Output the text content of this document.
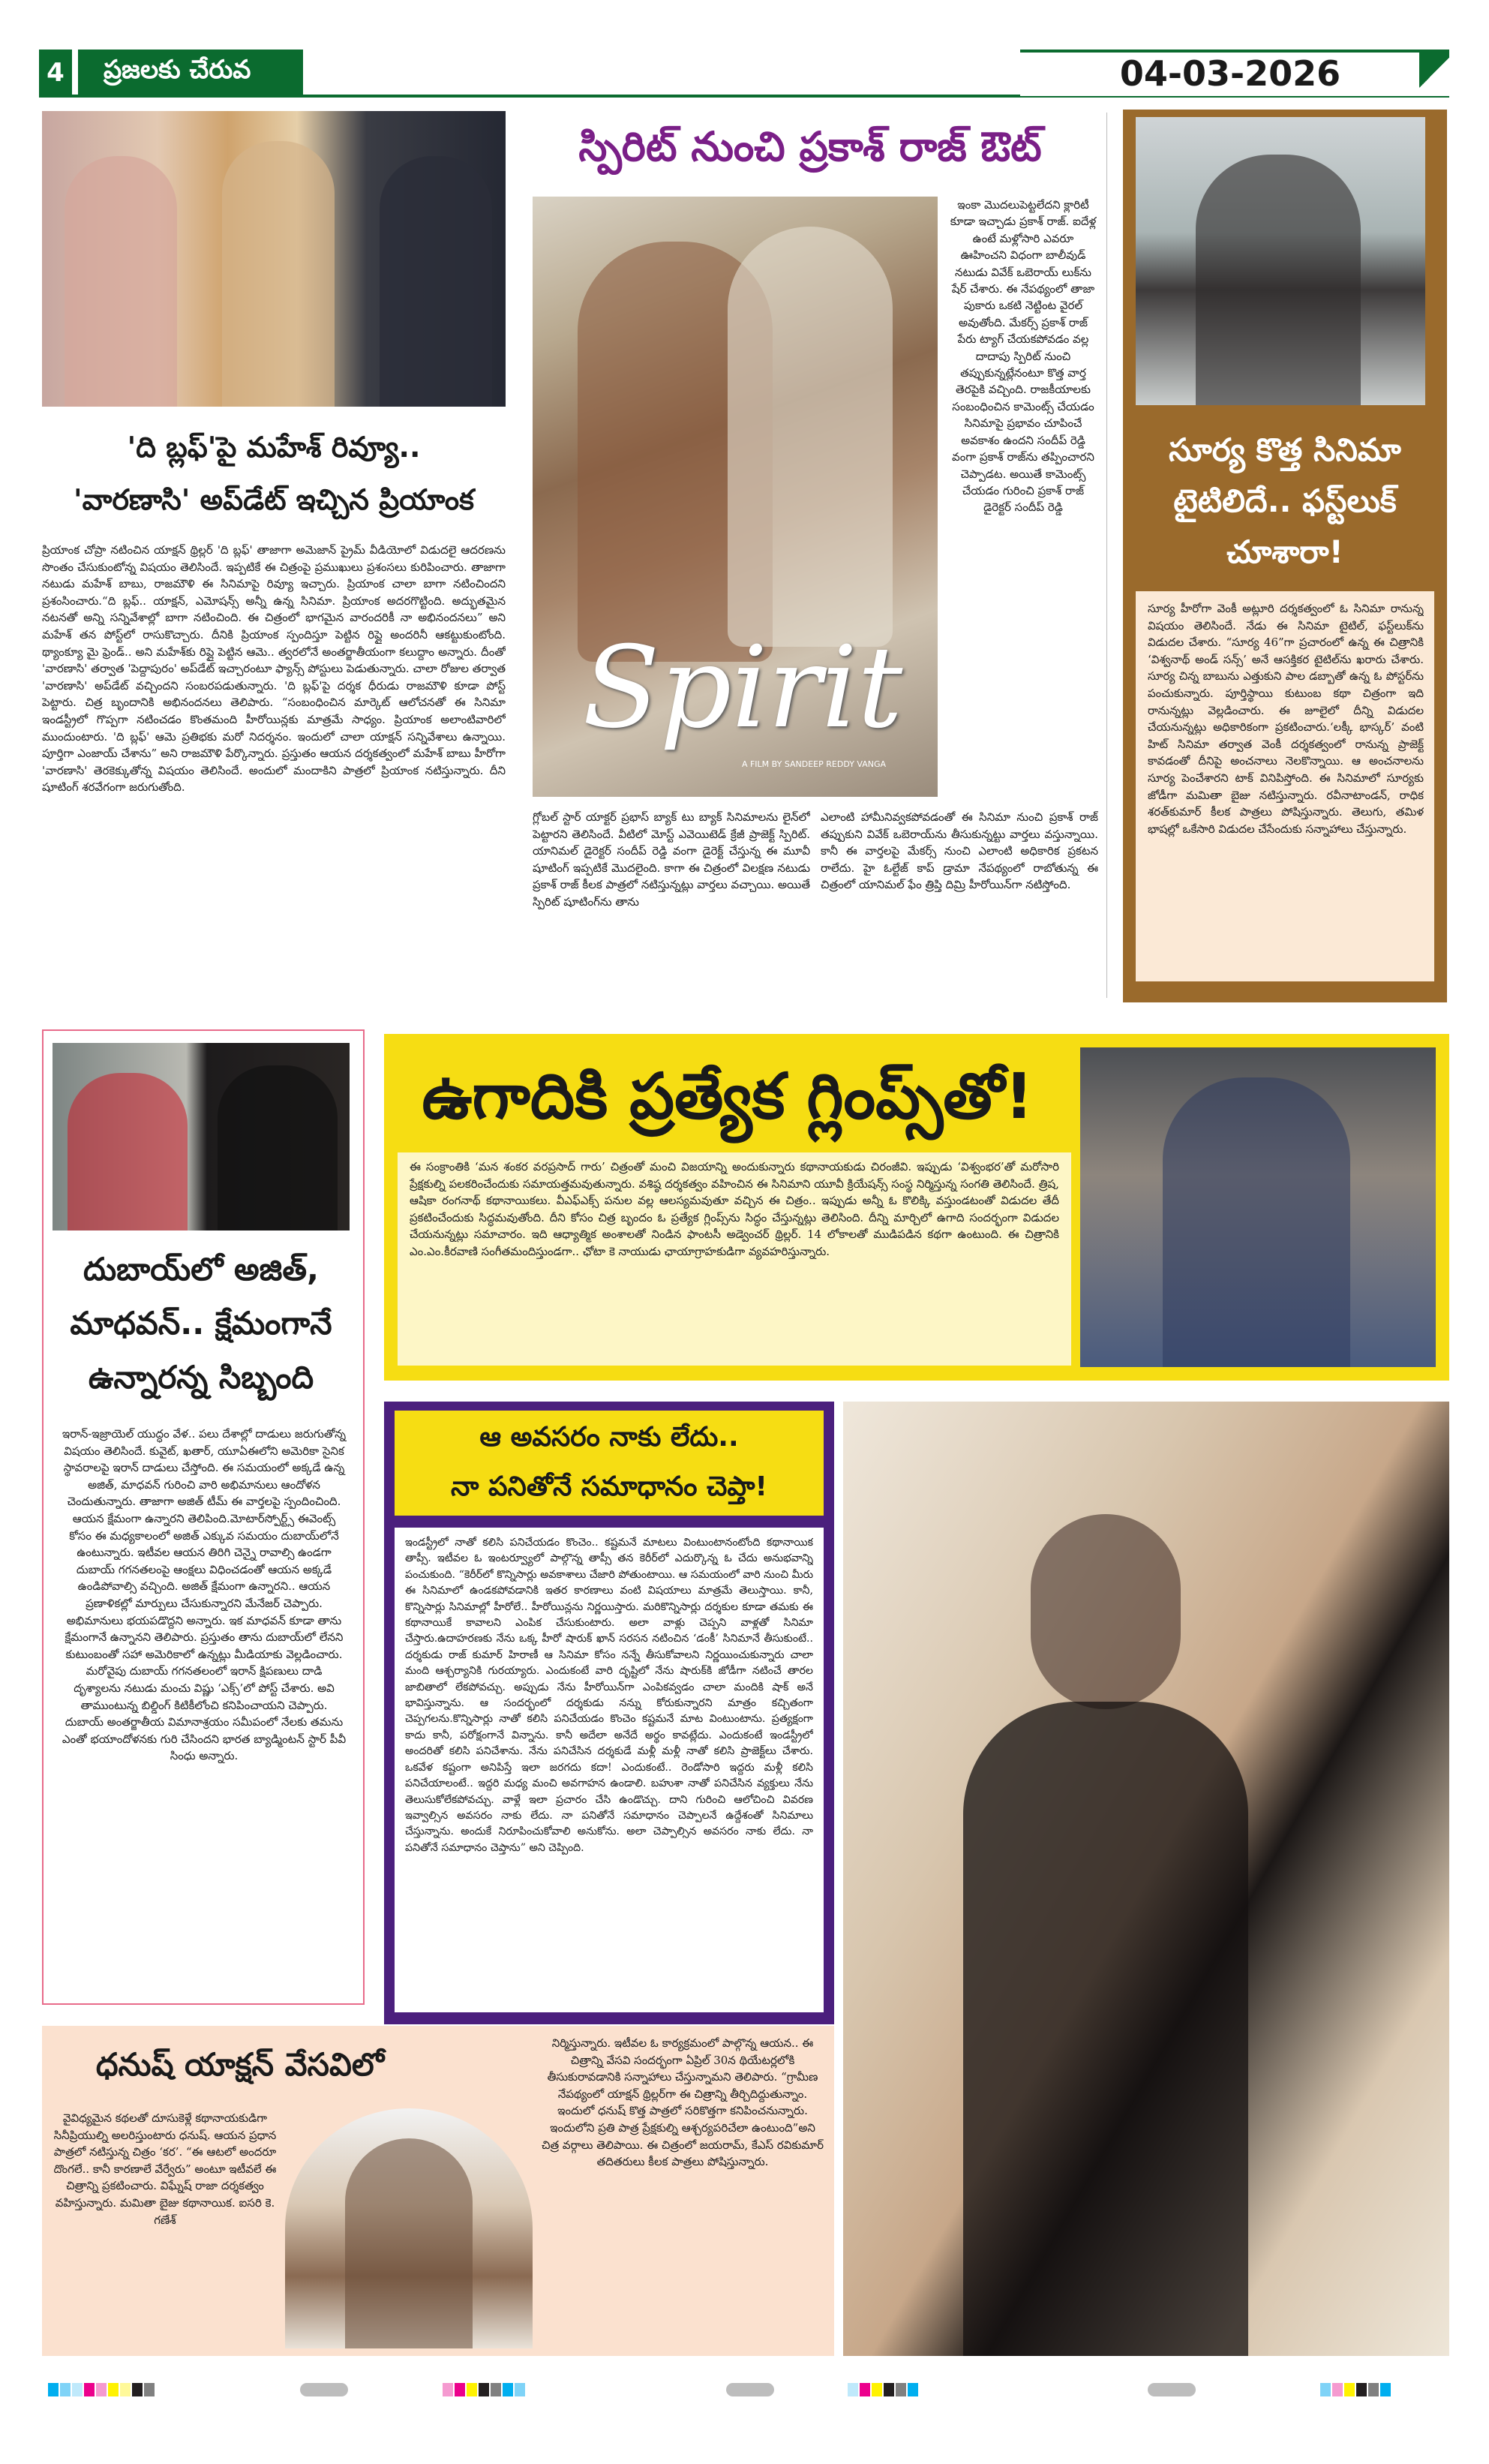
4 ప్రజలకు చేరువ	04-03-2026
'ది బ్లఫ్'పై మహేశ్ రివ్యూ..
'వారణాసి' అప్‌డేట్ ఇచ్చిన ప్రియాంక
ప్రియాంక చోప్రా నటించిన యాక్షన్ థ్రిల్లర్ 'ది బ్లఫ్' తాజాగా అమెజాన్ ప్రైమ్ వీడియోలో విడుదలై ఆదరణను సొంతం చేసుకుంటోన్న విషయం తెలిసిందే. ఇప్పటికే ఈ చిత్రంపై ప్రముఖులు ప్రశంసలు కురిపించారు. తాజాగా నటుడు మహేశ్ బాబు, రాజమౌళి ఈ సినిమాపై రివ్యూ ఇచ్చారు. ప్రియాంక చాలా బాగా నటించిందని ప్రశంసించారు.“ది బ్లఫ్.. యాక్షన్, ఎమోషన్స్ అన్నీ ఉన్న సినిమా. ప్రియాంక అదరగొట్టింది. అద్భుతమైన నటనతో అన్ని సన్నివేశాల్లో బాగా నటించింది. ఈ చిత్రంలో భాగమైన వారందరికీ నా అభినందనలు” అని మహేశ్ తన పోస్ట్‌లో రాసుకొచ్చారు. దీనికి ప్రియాంక స్పందిస్తూ పెట్టిన రిప్లై అందరినీ ఆకట్టుకుంటోంది. థ్యాంక్యూ మై ఫ్రెండ్.. అని మహేశ్‌కు రిప్లై పెట్టిన ఆమె.. త్వరలోనే అంతర్జాతీయంగా కలుద్దాం అన్నారు. దీంతో 'వారణాసి' తర్వాత 'పెద్దాపురం' అప్‌డేట్ ఇచ్చారంటూ ఫ్యాన్స్ పోస్టులు పెడుతున్నారు. చాలా రోజుల తర్వాత 'వారణాసి' అప్‌డేట్ వచ్చిందని సంబరపడుతున్నారు. 'ది బ్లఫ్'పై దర్శక ధీరుడు రాజమౌళి కూడా పోస్ట్ పెట్టారు. చిత్ర బృందానికి అభినందనలు తెలిపారు. “సంబంధించిన మార్కెట్ ఆలోచనతో ఈ సినిమా ఇండస్ట్రీలో గొప్పగా నటించడం కొంతమంది హీరోయిన్లకు మాత్రమే సాధ్యం. ప్రియాంక అలాంటివారిలో ముందుంటారు. 'ది బ్లఫ్' ఆమె ప్రతిభకు మరో నిదర్శనం. ఇందులో చాలా యాక్షన్ సన్నివేశాలు ఉన్నాయి. పూర్తిగా ఎంజాయ్ చేశాను” అని రాజమౌళి పేర్కొన్నారు. ప్రస్తుతం ఆయన దర్శకత్వంలో మహేశ్ బాబు హీరోగా 'వారణాసి' తెరకెక్కుతోన్న విషయం తెలిసిందే. అందులో మందాకిని పాత్రలో ప్రియాంక నటిస్తున్నారు. దీని షూటింగ్ శరవేగంగా జరుగుతోంది.
స్పిరిట్ నుంచి ప్రకాశ్ రాజ్ ఔట్
Spirit
A FILM BY SANDEEP REDDY VANGA
ఇంకా మొదలుపెట్టలేదని క్లారిటీ కూడా ఇచ్చాడు ప్రకాశ్ రాజ్. ఐదేళ్ల ఉంటే మళ్లోసారి ఎవరూ ఊహించని విధంగా బాలీవుడ్ నటుడు వివేక్ ఒబెరాయ్ లుక్‌ను షేర్ చేశారు. ఈ నేపథ్యంలో తాజా పుకారు ఒకటి నెట్టింట వైరల్ అవుతోంది. మేకర్స్ ప్రకాశ్ రాజ్ పేరు ట్యాగ్ చేయకపోవడం వల్ల దాదాపు స్పిరిట్ నుంచి తప్పుకున్నట్లేనంటూ కొత్త వార్త తెరపైకి వచ్చింది. రాజకీయాలకు సంబంధించిన కామెంట్స్ చేయడం సినిమాపై ప్రభావం చూపించే అవకాశం ఉందని సందీప్ రెడ్డి వంగా ప్రకాశ్ రాజ్‌ను తప్పించారని చెప్పాడట. అయితే కామెంట్స్ చేయడం గురించి ప్రకాశ్ రాజ్ డైరెక్టర్ సందీప్ రెడ్డి
గ్లోబల్ స్టార్ యాక్టర్ ప్రభాస్ బ్యాక్ టు బ్యాక్ సినిమాలను లైన్‌లో పెట్టారని తెలిసిందే. వీటిలో మోస్ట్ ఎవెయిటెడ్ క్రేజీ ప్రాజెక్ట్ స్పిరిట్. యానిమల్ డైరెక్టర్ సందీప్ రెడ్డి వంగా డైరెక్ట్ చేస్తున్న ఈ మూవీ షూటింగ్ ఇప్పటికే మొదలైంది. కాగా ఈ చిత్రంలో విలక్షణ నటుడు ప్రకాశ్ రాజ్ కీలక పాత్రలో నటిస్తున్నట్లు వార్తలు వచ్చాయి. అయితే స్పిరిట్ షూటింగ్‌ను తాను
ఎలాంటి హామీనివ్వకపోవడంతో ఈ సినిమా నుంచి ప్రకాశ్ రాజ్ తప్పుకుని వివేక్ ఒబెరాయ్‌ను తీసుకున్నట్టు వార్తలు వస్తున్నాయి. కానీ ఈ వార్తలపై మేకర్స్ నుంచి ఎలాంటి అధికారిక ప్రకటన రాలేదు. హై ఓల్టేజ్ కాప్ డ్రామా నేపథ్యంలో రాబోతున్న ఈ చిత్రంలో యానిమల్ ఫేం త్రిప్తి దిమ్రి హీరోయిన్‌గా నటిస్తోంది.
సూర్య కొత్త సినిమా టైటిలిదే.. ఫస్ట్‌లుక్ చూశారా!
సూర్య హీరోగా వెంకీ అట్లూరి దర్శకత్వంలో ఓ సినిమా రానున్న విషయం తెలిసిందే. నేడు ఈ సినిమా టైటిల్, ఫస్ట్‌లుక్‌ను విడుదల చేశారు. “సూర్య 46”గా ప్రచారంలో ఉన్న ఈ చిత్రానికి ‘విశ్వనాథ్ అండ్ సన్స్’ అనే ఆసక్తికర టైటిల్‌ను ఖరారు చేశారు. సూర్య చిన్న బాబును ఎత్తుకుని పాల డబ్బాతో ఉన్న ఓ పోస్టర్‌ను పంచుకున్నారు. పూర్తిస్థాయి కుటుంబ కథా చిత్రంగా ఇది రానున్నట్లు వెల్లడించారు. ఈ జూలైలో దీన్ని విడుదల చేయనున్నట్లు అధికారికంగా ప్రకటించారు.‘లక్కీ భాస్కర్’ వంటి హిట్ సినిమా తర్వాత వెంకీ దర్శకత్వంలో రానున్న ప్రాజెక్ట్ కావడంతో దీనిపై అంచనాలు నెలకొన్నాయి. ఆ అంచనాలను సూర్య పెంచేశారని టాక్ వినిపిస్తోంది. ఈ సినిమాలో సూర్యకు జోడీగా మమితా బైజు నటిస్తున్నారు. రవీనాటాండన్, రాధిక శరత్‌కుమార్ కీలక పాత్రలు పోషిస్తున్నారు. తెలుగు, తమిళ భాషల్లో ఒకేసారి విడుదల చేసేందుకు సన్నాహాలు చేస్తున్నారు.
దుబాయ్‌లో అజిత్, మాధవన్.. క్షేమంగానే ఉన్నారన్న సిబ్బంది
ఇరాన్-ఇజ్రాయెల్ యుద్ధం వేళ.. పలు దేశాల్లో దాడులు జరుగుతోన్న విషయం తెలిసిందే. కువైట్, ఖతార్, యూఏఈలోని అమెరికా సైనిక స్థావరాలపై ఇరాన్ దాడులు చేస్తోంది. ఈ సమయంలో అక్కడే ఉన్న అజిత్, మాధవన్ గురించి వారి అభిమానులు ఆందోళన చెందుతున్నారు. తాజాగా అజిత్ టీమ్ ఈ వార్తలపై స్పందించింది. ఆయన క్షేమంగా ఉన్నారని తెలిపింది.మోటార్‌స్పోర్ట్స్ ఈవెంట్స్ కోసం ఈ మధ్యకాలంలో అజిత్ ఎక్కువ సమయం దుబాయ్‌లోనే ఉంటున్నారు. ఇటీవల ఆయన తిరిగి చెన్నై రావాల్సి ఉండగా దుబాయ్ గగనతలంపై ఆంక్షలు విధించడంతో ఆయన అక్కడే ఉండిపోవాల్సి వచ్చింది. అజిత్ క్షేమంగా ఉన్నారని.. ఆయన ప్రణాళికల్లో మార్పులు చేసుకున్నారని మేనేజర్ చెప్పారు. అభిమానులు భయపడొద్దని అన్నారు. ఇక మాధవన్ కూడా తాను క్షేమంగానే ఉన్నానని తెలిపారు. ప్రస్తుతం తాను దుబాయ్‌లో లేనని కుటుంబంతో సహా అమెరికాలో ఉన్నట్లు మీడియాకు వెల్లడించారు. మరోవైపు దుబాయ్ గగనతలంలో ఇరాన్ క్షిపణులు దాడి దృశ్యాలను నటుడు మంచు విష్ణు ‘ఎక్స్’లో పోస్ట్ చేశారు. అవి తాముంటున్న బిల్డింగ్ కిటికీలోంచి కనిపించాయని చెప్పారు. దుబాయ్ అంతర్జాతీయ విమానాశ్రయం సమీపంలో నేలకు తమను ఎంతో భయాందోళనకు గురి చేసిందని భారత బ్యాడ్మింటన్ స్టార్ పీవీ సింధు అన్నారు.
ఉగాదికి ప్రత్యేక గ్లింప్స్‌తో!
ఈ సంక్రాంతికి ‘మన శంకర వరప్రసాద్ గారు’ చిత్రంతో మంచి విజయాన్ని అందుకున్నారు కథానాయకుడు చిరంజీవి. ఇప్పుడు ‘విశ్వంభర’తో మరోసారి ప్రేక్షకుల్ని పలకరించేందుకు సమాయత్తమవుతున్నారు. వశిష్ఠ దర్శకత్వం వహించిన ఈ సినిమాని యూవీ క్రియేషన్స్ సంస్థ నిర్మిస్తున్న సంగతి తెలిసిందే. త్రిష, ఆషికా రంగనాథ్ కథానాయికలు. వీఎఫ్‌ఎక్స్ పనుల వల్ల ఆలస్యమవుతూ వచ్చిన ఈ చిత్రం.. ఇప్పుడు అన్నీ ఓ కొలిక్కి వస్తుండటంతో విడుదల తేదీ ప్రకటించేందుకు సిద్ధమవుతోంది. దీని కోసం చిత్ర బృందం ఓ ప్రత్యేక గ్లింప్స్‌ను సిద్ధం చేస్తున్నట్లు తెలిసింది. దీన్ని మార్చిలో ఉగాది సందర్భంగా విడుదల చేయనున్నట్లు సమాచారం. ఇది ఆధ్యాత్మిక అంశాలతో నిండిన ఫాంటసీ అడ్వెంచర్ థ్రిల్లర్. 14 లోకాలతో ముడిపడిన కథగా ఉంటుంది. ఈ చిత్రానికి ఎం.ఎం.కీరవాణి సంగీతమందిస్తుండగా.. ఛోటా కె నాయుడు ఛాయాగ్రాహకుడిగా వ్యవహరిస్తున్నారు.
ఆ అవసరం నాకు లేదు..
నా పనితోనే సమాధానం చెప్తా!
ఇండస్ట్రీలో నాతో కలిసి పనిచేయడం కొంచెం.. కష్టమనే మాటలు వింటుంటానంటోంది కథానాయిక తాప్సీ. ఇటీవల ఓ ఇంటర్వ్యూలో పాల్గొన్న తాప్సీ తన కెరీర్‌లో ఎదుర్కొన్న ఓ చేదు అనుభవాన్ని పంచుకుంది. “కెరీర్‌లో కొన్నిసార్లు అవకాశాలు చేజారి పోతుంటాయి. ఆ సమయంలో వారి నుంచి మీరు ఈ సినిమాలో ఉండకపోవడానికి ఇతర కారణాలు వంటి విషయాలు మాత్రమే తెలుస్తాయి. కానీ, కొన్నిసార్లు సినిమాల్లో హీరోలే.. హీరోయిన్లను నిర్ణయిస్తారు. మరికొన్నిసార్లు దర్శకుల కూడా తమకు ఈ కథానాయికే కావాలని ఎంపిక చేసుకుంటారు. అలా వాళ్లు చెప్పని వాళ్లతో సినిమా చేస్తారు.ఉదాహరణకు నేను ఒక్క హీరో షారుక్ ఖాన్ సరసన నటించిన ‘డంకీ’ సినిమానే తీసుకుంటే.. దర్శకుడు రాజ్ కుమార్ హిరాణీ ఆ సినిమా కోసం నన్నే తీసుకోవాలని నిర్ణయించుకున్నారు చాలా మంది ఆశ్చర్యానికి గురయ్యారు. ఎందుకంటే వారి దృష్టిలో నేను షారుక్‌కి జోడీగా నటించే తారల జాబితాలో లేకపోవచ్చు. అప్పుడు నేను హీరోయిన్‌గా ఎంపికవ్వడం చాలా మందికి షాక్ అనే భావిస్తున్నాను. ఆ సందర్భంలో దర్శకుడు నన్ను కోరుకున్నారని మాత్రం కచ్చితంగా చెప్పగలను.కొన్నిసార్లు నాతో కలిసి పనిచేయడం కొంచెం కష్టమనే మాట వింటుంటాను. ప్రత్యక్షంగా కాదు కానీ, పరోక్షంగానే విన్నాను. కానీ అదేలా అనేదే అర్థం కావట్లేదు. ఎందుకంటే ఇండస్ట్రీలో అందరితో కలిసి పనిచేశాను. నేను పనిచేసిన దర్శకుడే మళ్లీ మళ్లీ నాతో కలిసి ప్రాజెక్ట్‌లు చేశారు. ఒకవేళ కష్టంగా అనిపిస్తే ఇలా జరగదు కదా! ఎందుకంటే.. రెండోసారి ఇద్దరు మళ్లీ కలిసి పనిచేయాలంటే.. ఇద్దరి మధ్య మంచి అవగాహన ఉండాలి. బహుశా నాతో పనిచేసిన వ్యక్తులు నేను తెలుసుకోలేకపోవచ్చు. వాళ్లే ఇలా ప్రచారం చేసి ఉండొచ్చు. దాని గురించి ఆలోచించి వివరణ ఇవ్వాల్సిన అవసరం నాకు లేదు. నా పనితోనే సమాధానం చెప్పాలనే ఉద్దేశంతో సినిమాలు చేస్తున్నాను. అందుకే నిరూపించుకోవాలి అనుకోను. అలా చెప్పాల్సిన అవసరం నాకు లేదు. నా పనితోనే సమాధానం చెప్తాను” అని చెప్పింది.
ధనుష్ యాక్షన్ వేసవిలో
వైవిధ్యమైన కథలతో దూసుకెళ్లే కథానాయకుడిగా సినీప్రియుల్ని అలరిస్తుంటారు ధనుష్. ఆయన ప్రధాన పాత్రలో నటిస్తున్న చిత్రం ‘కర’. “ఈ ఆటలో అందరూ దొంగలే.. కానీ కారణాలే వేర్వేరు” అంటూ ఇటీవలే ఈ చిత్రాన్ని ప్రకటించారు. విఘ్నేష్ రాజా దర్శకత్వం వహిస్తున్నారు. మమితా బైజు కథానాయిక. ఐసరి కె. గణేశ్
నిర్మిస్తున్నారు. ఇటీవల ఓ కార్యక్రమంలో పాల్గొన్న ఆయన.. ఈ చిత్రాన్ని వేసవి సందర్భంగా ఏప్రిల్ 30న థియేటర్లలోకి తీసుకురావడానికి సన్నాహాలు చేస్తున్నామని తెలిపారు. “గ్రామీణ నేపథ్యంలో యాక్షన్ థ్రిల్లర్‌గా ఈ చిత్రాన్ని తీర్చిదిద్దుతున్నాం. ఇందులో ధనుష్ కొత్త పాత్రలో సరికొత్తగా కనిపించనున్నారు. ఇందులోని ప్రతి పాత్ర ప్రేక్షకుల్ని ఆశ్చర్యపరిచేలా ఉంటుంది”అని చిత్ర వర్గాలు తెలిపాయి. ఈ చిత్రంలో జయరామ్, కేఎస్ రవికుమార్ తదితరులు కీలక పాత్రలు పోషిస్తున్నారు.
